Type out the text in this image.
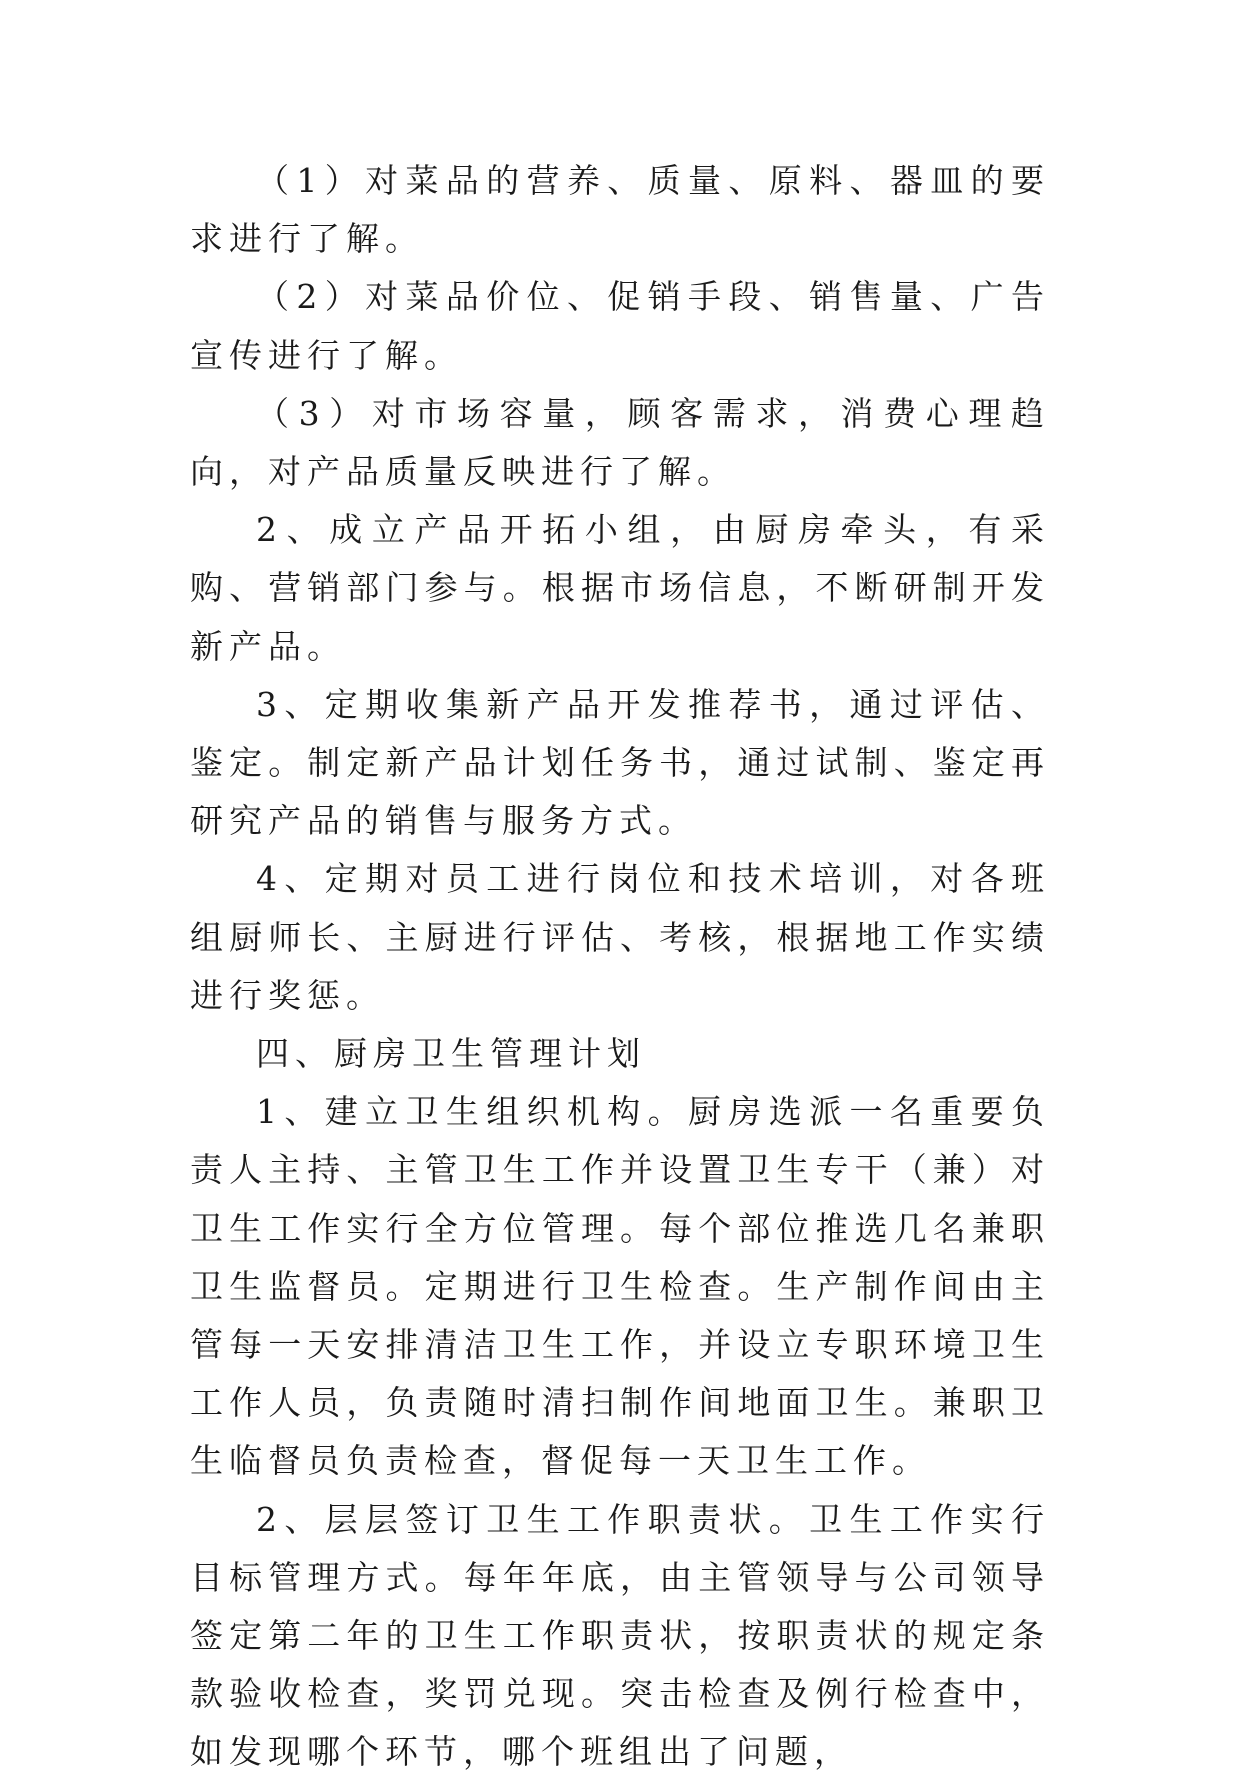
（1）对菜品的营养、质量、原料、器皿的要求进行了解。

（2）对菜品价位、促销手段、销售量、广告宣传进行了解。

（3）对市场容量，顾客需求，消费心理趋向，对产品质量反映进行了解。

2、成立产品开拓小组，由厨房牵头，有采购、营销部门参与。根据市场信息，不断研制开发新产品。

3、定期收集新产品开发推荐书，通过评估、鉴定。制定新产品计划任务书，通过试制、鉴定再研究产品的销售与服务方式。

4、定期对员工进行岗位和技术培训，对各班组厨师长、主厨进行评估、考核，根据地工作实绩进行奖惩。

四、厨房卫生管理计划

1、建立卫生组织机构。厨房选派一名重要负责人主持、主管卫生工作并设置卫生专干（兼）对卫生工作实行全方位管理。每个部位推选几名兼职卫生监督员。定期进行卫生检查。生产制作间由主管每一天安排清洁卫生工作，并设立专职环境卫生工作人员，负责随时清扫制作间地面卫生。兼职卫生临督员负责检查，督促每一天卫生工作。

2、层层签订卫生工作职责状。卫生工作实行目标管理方式。每年年底，由主管领导与公司领导签定第二年的卫生工作职责状，按职责状的规定条款验收检查，奖罚兑现。突击检查及例行检查中，如发现哪个环节，哪个班组出了问题，
